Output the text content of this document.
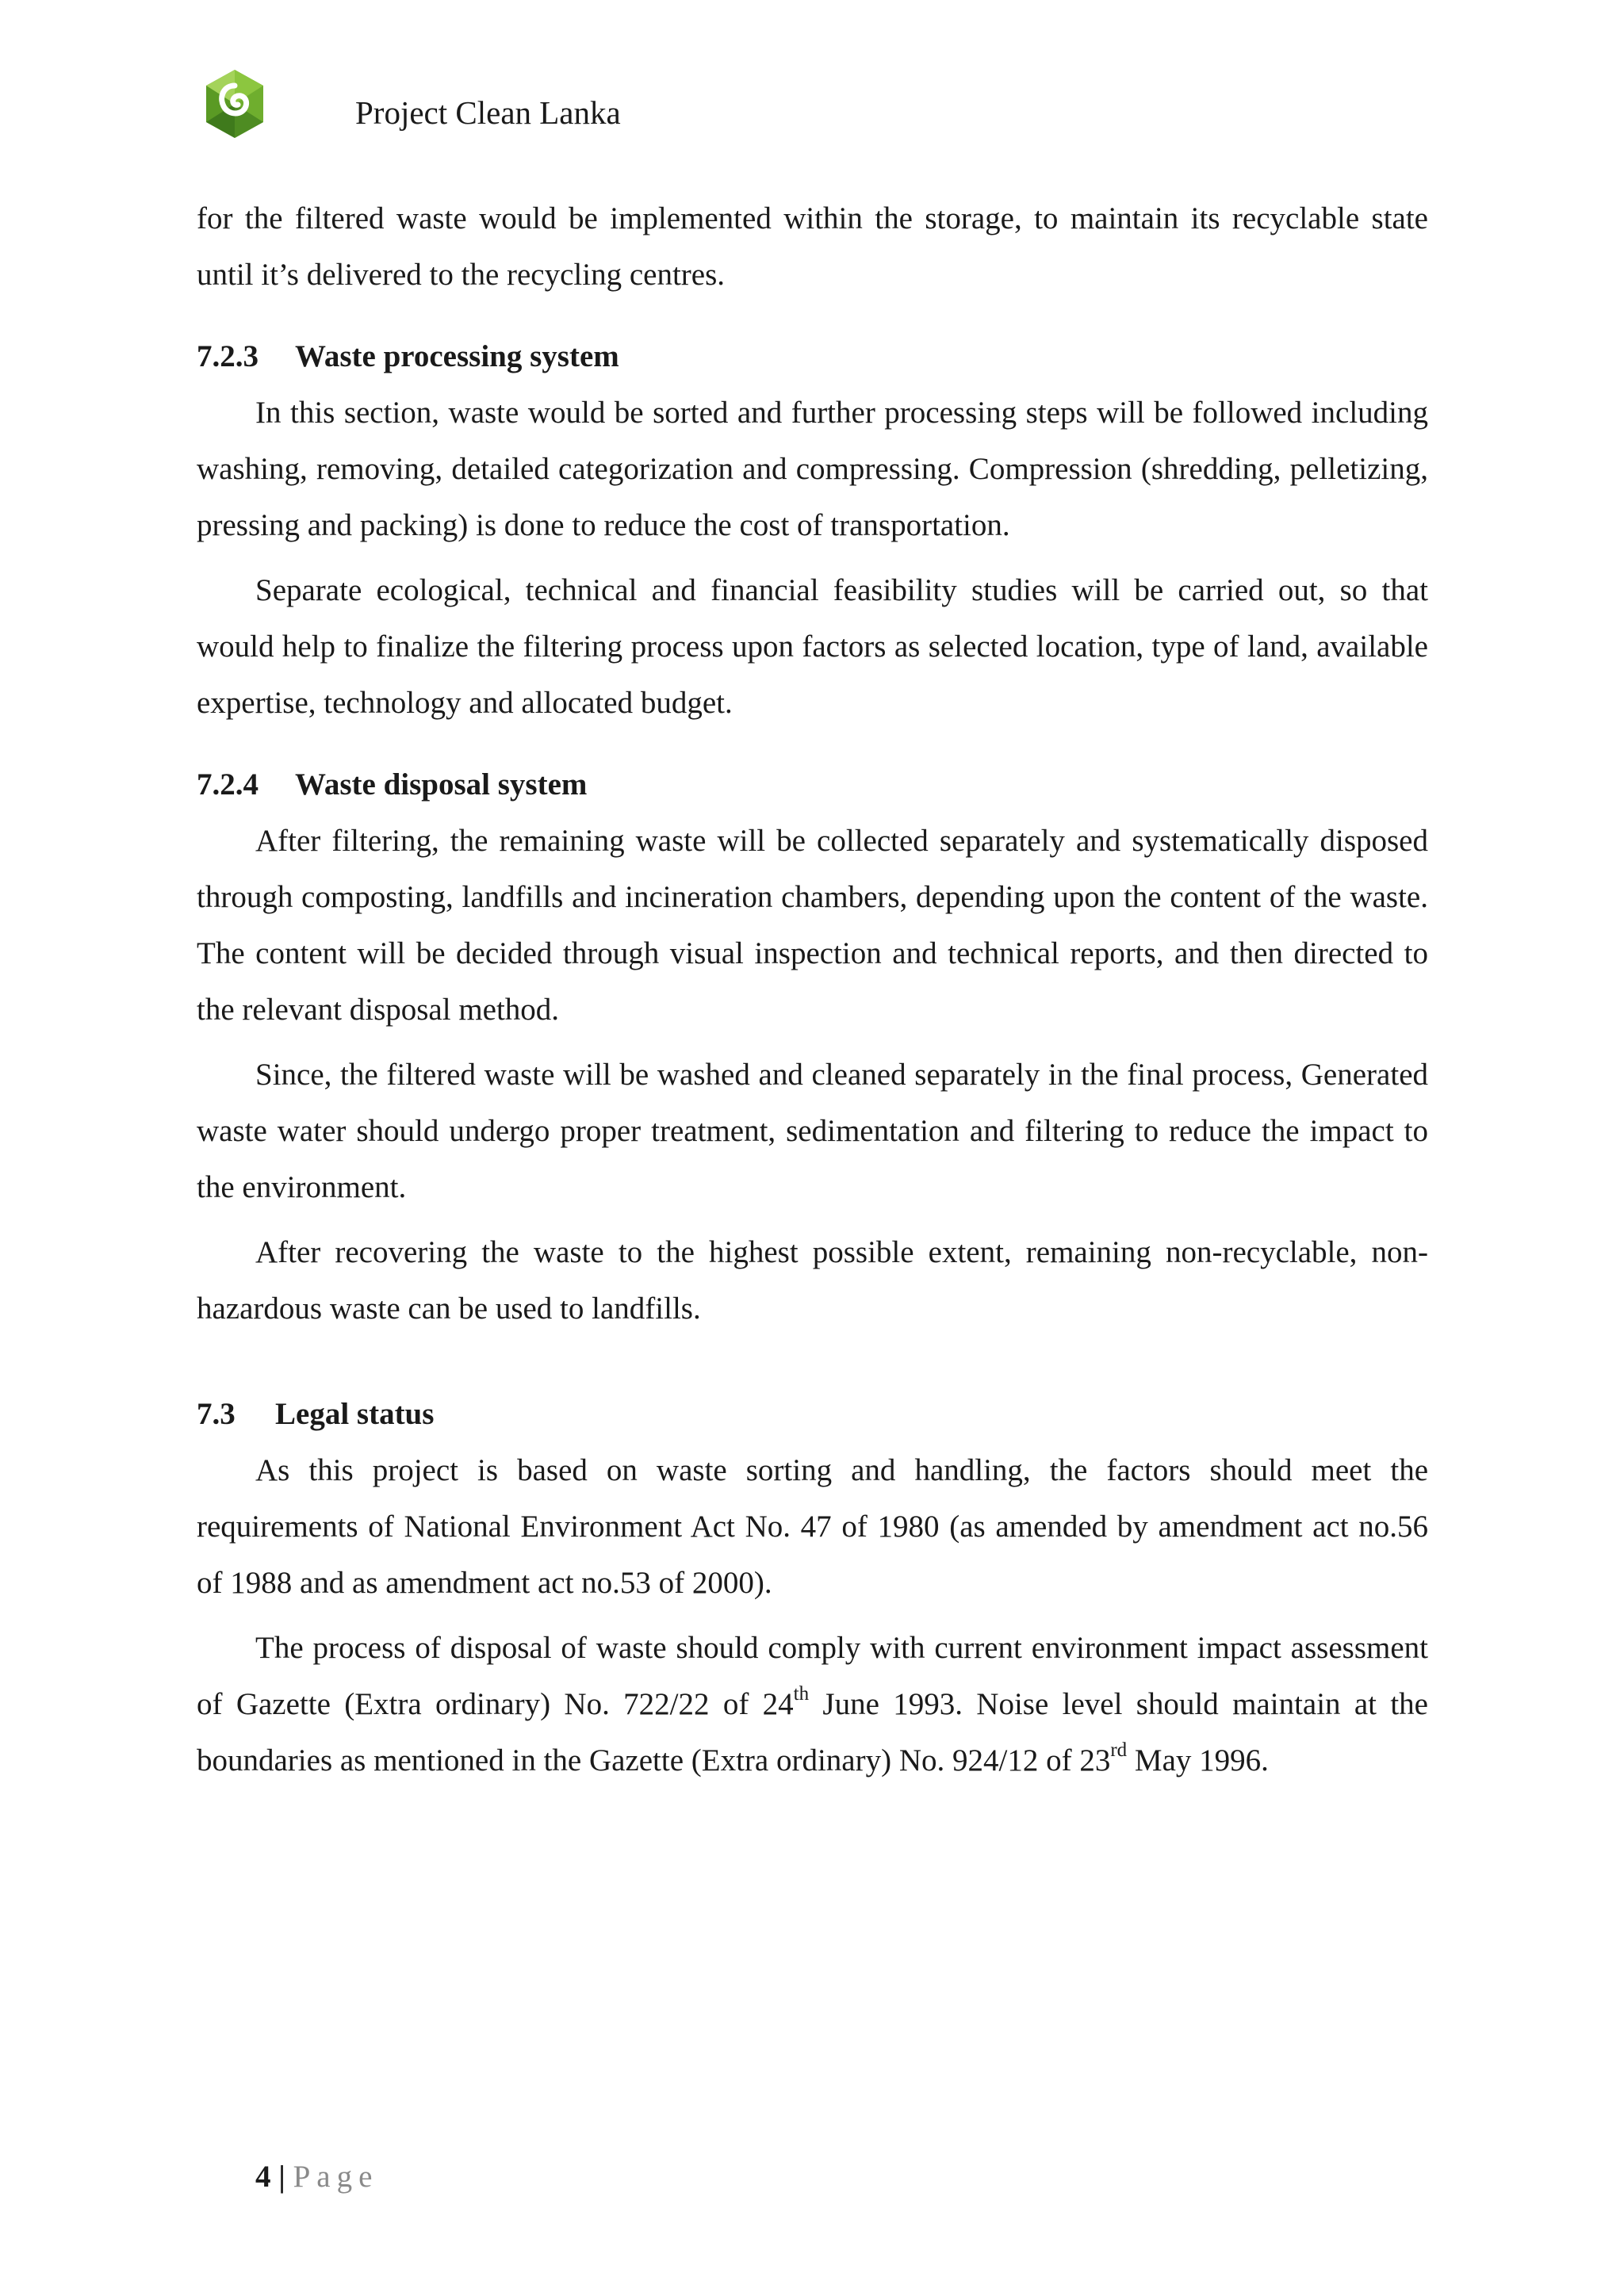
Project Clean Lanka

for the filtered waste would be implemented within the storage, to maintain its recyclable state until it’s delivered to the recycling centres.

7.2.3 Waste processing system

In this section, waste would be sorted and further processing steps will be followed including washing, removing, detailed categorization and compressing. Compression (shredding, pelletizing, pressing and packing) is done to reduce the cost of transportation.

Separate ecological, technical and financial feasibility studies will be carried out, so that would help to finalize the filtering process upon factors as selected location, type of land, available expertise, technology and allocated budget.

7.2.4 Waste disposal system

After filtering, the remaining waste will be collected separately and systematically disposed through composting, landfills and incineration chambers, depending upon the content of the waste. The content will be decided through visual inspection and technical reports, and then directed to the relevant disposal method.

Since, the filtered waste will be washed and cleaned separately in the final process, Generated waste water should undergo proper treatment, sedimentation and filtering to reduce the impact to the environment.

After recovering the waste to the highest possible extent, remaining non-recyclable, non-hazardous waste can be used to landfills.

7.3 Legal status

As this project is based on waste sorting and handling, the factors should meet the requirements of National Environment Act No. 47 of 1980 (as amended by amendment act no.56 of 1988 and as amendment act no.53 of 2000).

The process of disposal of waste should comply with current environment impact assessment of Gazette (Extra ordinary) No. 722/22 of 24th June 1993. Noise level should maintain at the boundaries as mentioned in the Gazette (Extra ordinary) No. 924/12 of 23rd May 1996.

4 | Page
